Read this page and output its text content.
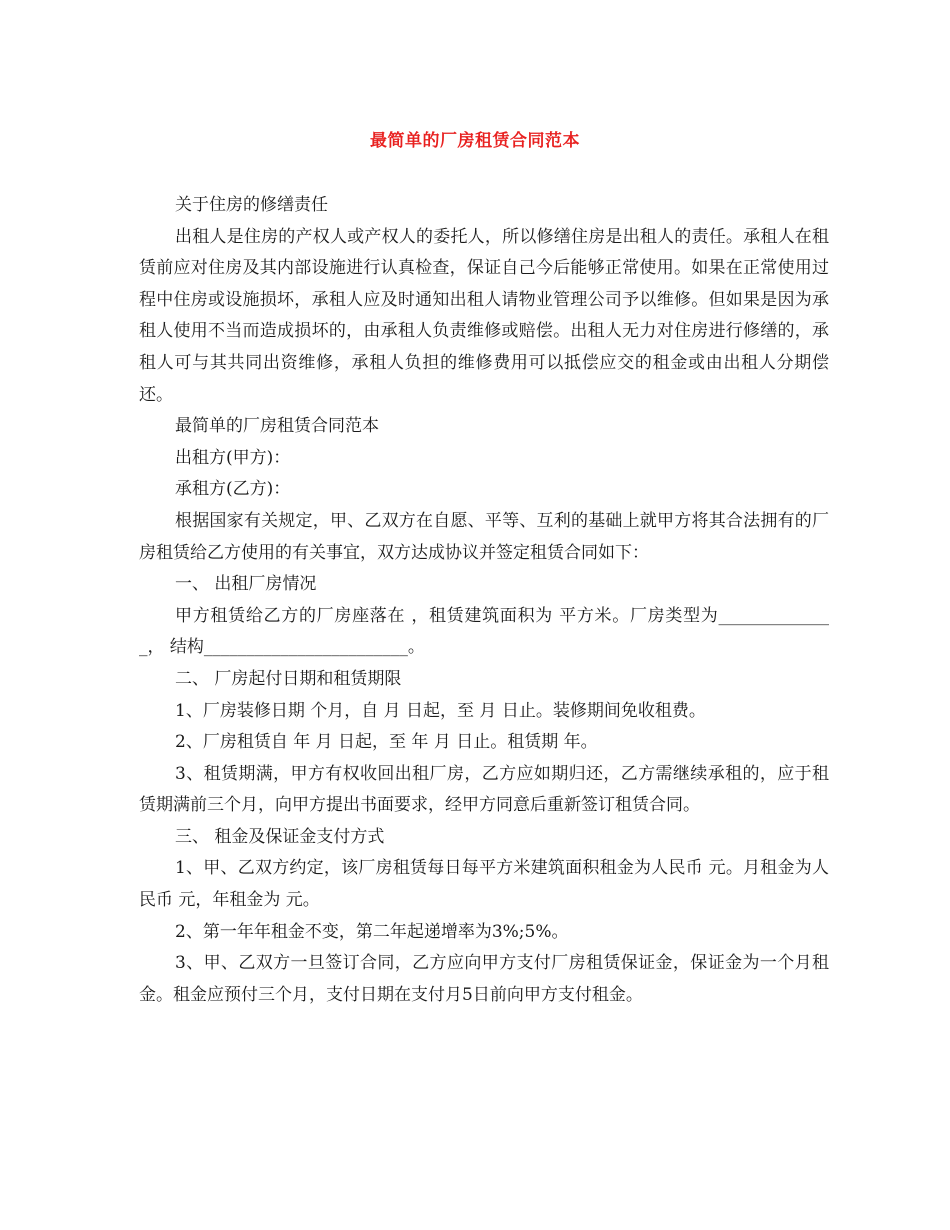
最简单的厂房租赁合同范本

关于住房的修缮责任

出租人是住房的产权人或产权人的委托人，所以修缮住房是出租人的责任。承租人在租赁前应对住房及其内部设施进行认真检查，保证自己今后能够正常使用。如果在正常使用过程中住房或设施损坏，承租人应及时通知出租人请物业管理公司予以维修。但如果是因为承租人使用不当而造成损坏的，由承租人负责维修或赔偿。出租人无力对住房进行修缮的，承租人可与其共同出资维修，承租人负担的维修费用可以抵偿应交的租金或由出租人分期偿还。

最简单的厂房租赁合同范本

出租方(甲方)：

承租方(乙方)：

根据国家有关规定，甲、乙双方在自愿、平等、互利的基础上就甲方将其合法拥有的厂房租赁给乙方使用的有关事宜，双方达成协议并签定租赁合同如下：

一、 出租厂房情况

甲方租赁给乙方的厂房座落在 ，租赁建筑面积为 平方米。厂房类型为______________， 结构________________________。

二、 厂房起付日期和租赁期限

1、厂房装修日期 个月，自 月 日起，至 月 日止。装修期间免收租费。

2、厂房租赁自 年 月 日起，至 年 月 日止。租赁期 年。

3、租赁期满，甲方有权收回出租厂房，乙方应如期归还，乙方需继续承租的，应于租赁期满前三个月，向甲方提出书面要求，经甲方同意后重新签订租赁合同。

三、 租金及保证金支付方式

1、甲、乙双方约定，该厂房租赁每日每平方米建筑面积租金为人民币 元。月租金为人民币 元，年租金为 元。

2、第一年年租金不变，第二年起递增率为3%;5%。

3、甲、乙双方一旦签订合同，乙方应向甲方支付厂房租赁保证金，保证金为一个月租金。租金应预付三个月，支付日期在支付月5日前向甲方支付租金。
